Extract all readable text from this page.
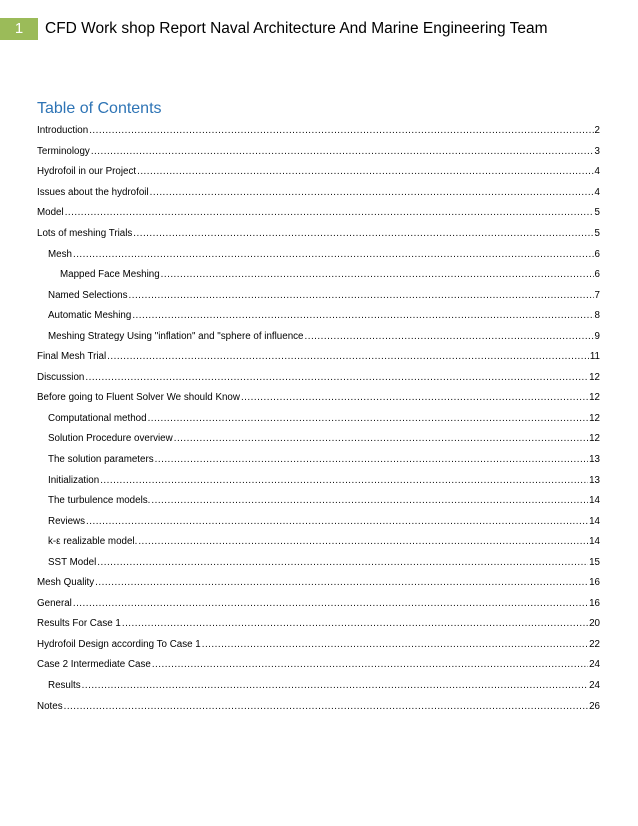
1	CFD Work shop Report Naval Architecture And Marine Engineering Team
Table of Contents
Introduction .....	2
Terminology .....	3
Hydrofoil in our Project .....	4
Issues about the hydrofoil .....	4
Model .....	5
Lots of meshing Trials .....	5
Mesh .....	6
Mapped Face Meshing .....	6
Named Selections .....	7
Automatic Meshing .....	8
Meshing Strategy Using "inflation" and "sphere of influence .....	9
Final Mesh Trial .....	11
Discussion .....	12
Before going to Fluent Solver We should Know .....	12
Computational method .....	12
Solution Procedure overview .....	12
The solution parameters .....	13
Initialization .....	13
The turbulence models. .....	14
Reviews .....	14
k-ε realizable model. .....	14
SST Model .....	15
Mesh Quality .....	16
General .....	16
Results For Case 1 .....	20
Hydrofoil Design according To Case 1 .....	22
Case 2 Intermediate Case .....	24
Results .....	24
Notes .....	26
